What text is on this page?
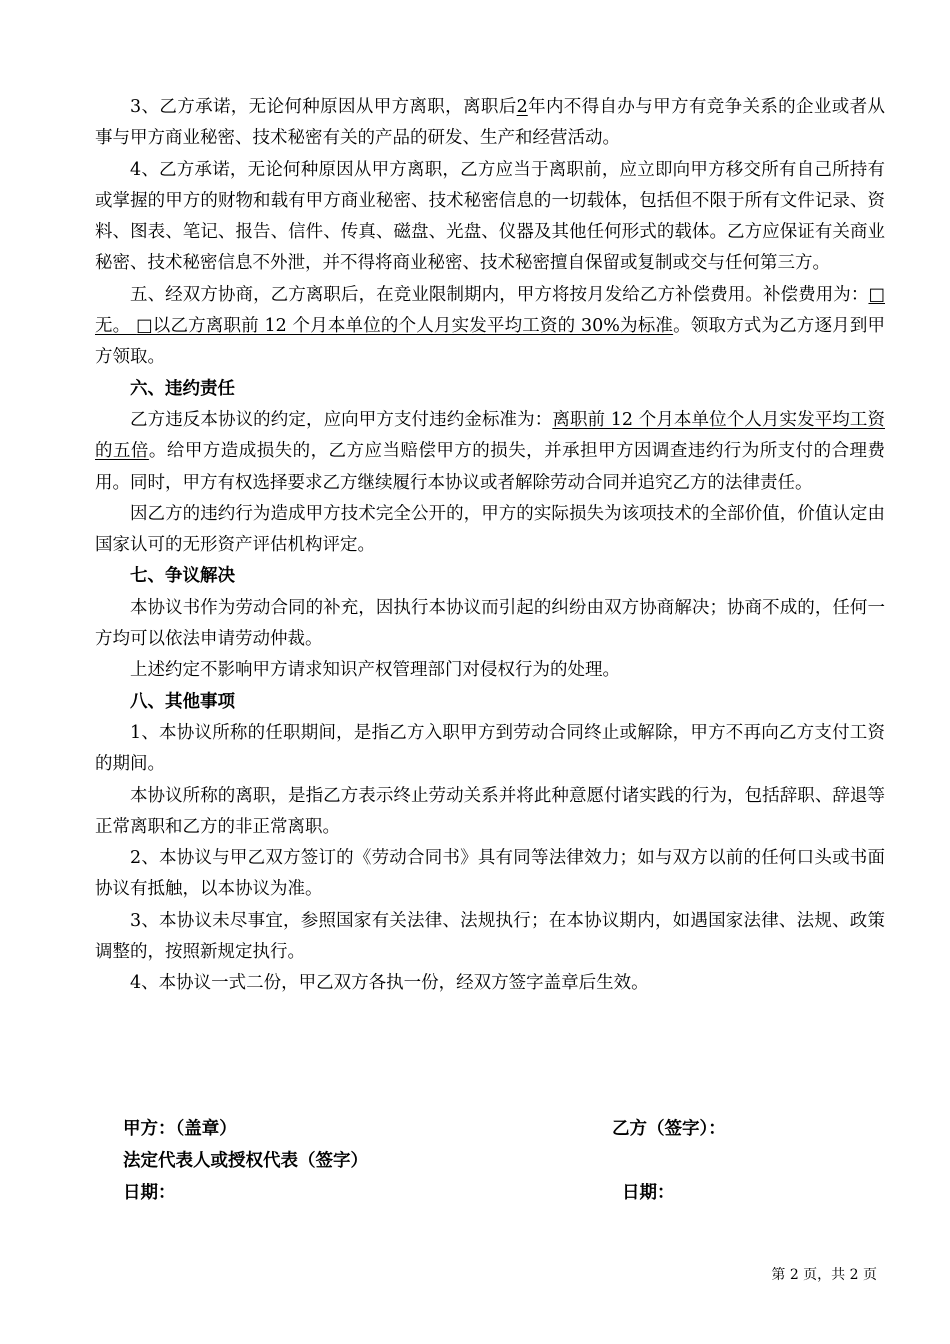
3、乙方承诺，无论何种原因从甲方离职，离职后2年内不得自办与甲方有竞争关系的企业或者从事与甲方商业秘密、技术秘密有关的产品的研发、生产和经营活动。

4、乙方承诺，无论何种原因从甲方离职，乙方应当于离职前，应立即向甲方移交所有自己所持有或掌握的甲方的财物和载有甲方商业秘密、技术秘密信息的一切载体，包括但不限于所有文件记录、资料、图表、笔记、报告、信件、传真、磁盘、光盘、仪器及其他任何形式的载体。乙方应保证有关商业秘密、技术秘密信息不外泄，并不得将商业秘密、技术秘密擅自保留或复制或交与任何第三方。

五、经双方协商，乙方离职后，在竞业限制期内，甲方将按月发给乙方补偿费用。补偿费用为：□无。 □以乙方离职前 12 个月本单位的个人月实发平均工资的 30%为标准。领取方式为乙方逐月到甲方领取。

六、违约责任

乙方违反本协议的约定，应向甲方支付违约金标准为：离职前 12 个月本单位个人月实发平均工资的五倍。给甲方造成损失的，乙方应当赔偿甲方的损失，并承担甲方因调查违约行为所支付的合理费用。同时，甲方有权选择要求乙方继续履行本协议或者解除劳动合同并追究乙方的法律责任。

因乙方的违约行为造成甲方技术完全公开的，甲方的实际损失为该项技术的全部价值，价值认定由国家认可的无形资产评估机构评定。

七、争议解决

本协议书作为劳动合同的补充，因执行本协议而引起的纠纷由双方协商解决；协商不成的，任何一方均可以依法申请劳动仲裁。

上述约定不影响甲方请求知识产权管理部门对侵权行为的处理。

八、其他事项

1、本协议所称的任职期间，是指乙方入职甲方到劳动合同终止或解除，甲方不再向乙方支付工资的期间。

本协议所称的离职，是指乙方表示终止劳动关系并将此种意愿付诸实践的行为，包括辞职、辞退等正常离职和乙方的非正常离职。

2、本协议与甲乙双方签订的《劳动合同书》具有同等法律效力；如与双方以前的任何口头或书面协议有抵触，以本协议为准。

3、本协议未尽事宜，参照国家有关法律、法规执行；在本协议期内，如遇国家法律、法规、政策调整的，按照新规定执行。

4、本协议一式二份，甲乙双方各执一份，经双方签字盖章后生效。

甲方：（盖章）	乙方（签字）：
法定代表人或授权代表（签字）
日期：	日期：
第 2 页，共 2 页
